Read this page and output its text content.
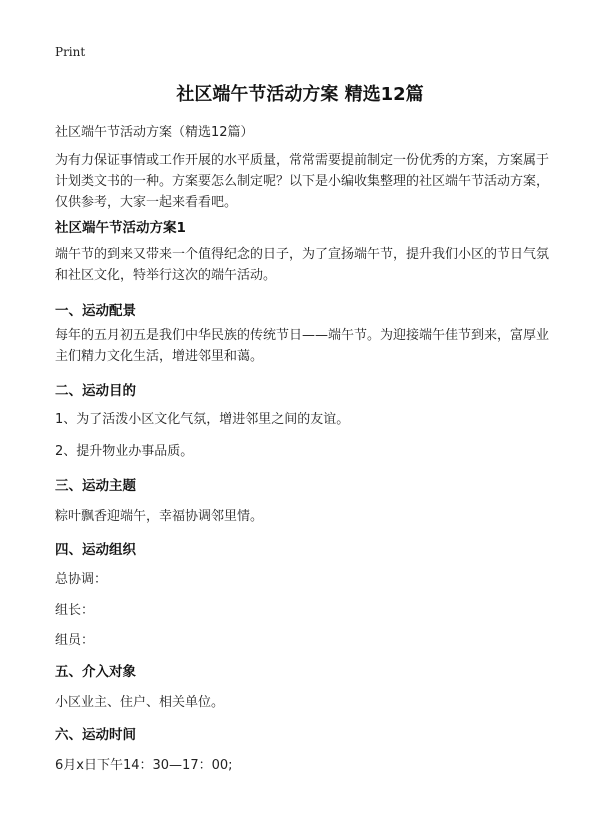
Print
社区端午节活动方案 精选12篇
社区端午节活动方案（精选12篇）
为有力保证事情或工作开展的水平质量，常常需要提前制定一份优秀的方案，方案属于计划类文书的一种。方案要怎么制定呢？以下是小编收集整理的社区端午节活动方案，仅供参考，大家一起来看看吧。
社区端午节活动方案1
端午节的到来又带来一个值得纪念的日子，为了宣扬端午节，提升我们小区的节日气氛和社区文化，特举行这次的端午活动。
一、运动配景
每年的五月初五是我们中华民族的传统节日——端午节。为迎接端午佳节到来，富厚业主们精力文化生活，增进邻里和蔼。
二、运动目的
1、为了活泼小区文化气氛，增进邻里之间的友谊。
2、提升物业办事品质。
三、运动主题
粽叶飘香迎端午，幸福协调邻里情。
四、运动组织
总协调：
组长：
组员：
五、介入对象
小区业主、住户、相关单位。
六、运动时间
6月x日下午14：30—17：00;
